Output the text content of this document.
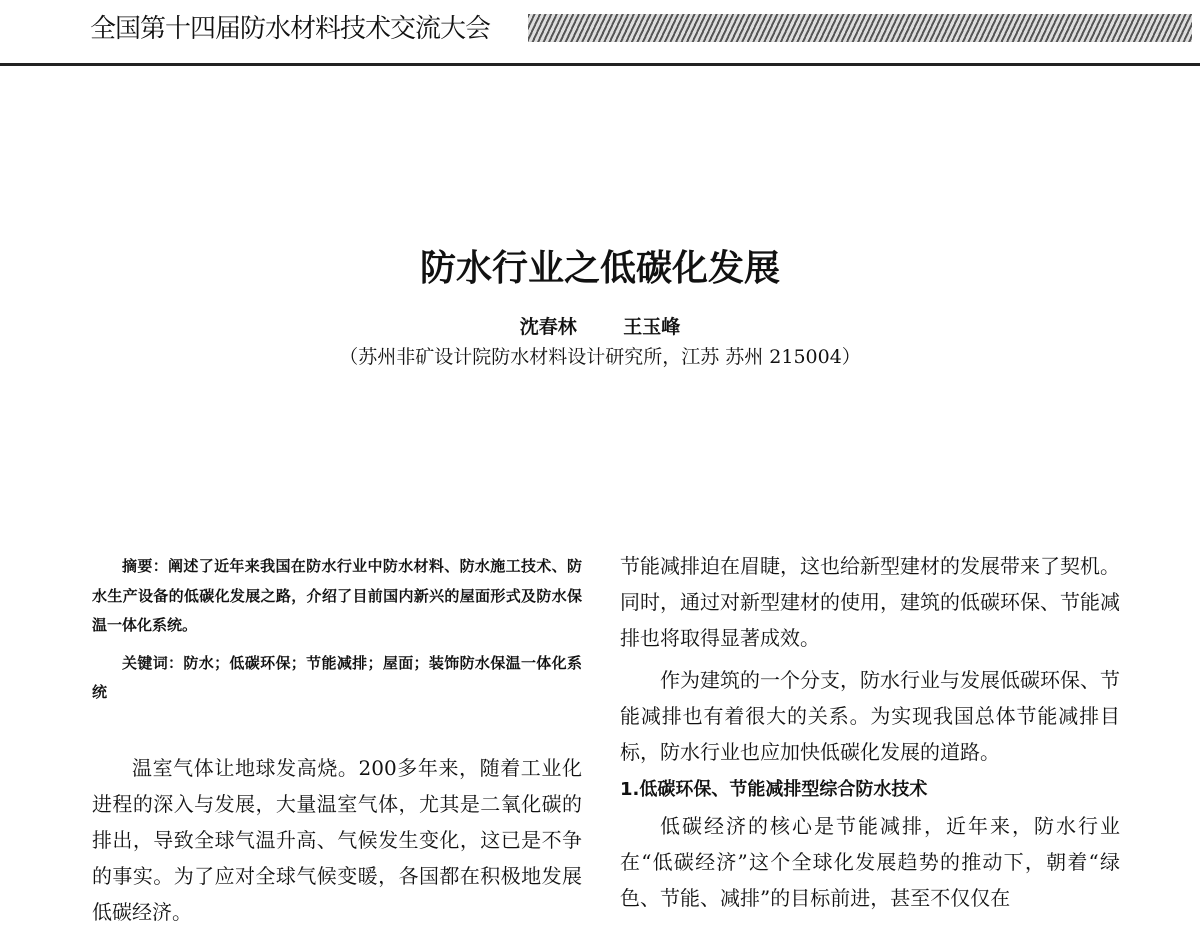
全国第十四届防水材料技术交流大会
防水行业之低碳化发展
沈春林 王玉峰
（苏州非矿设计院防水材料设计研究所，江苏 苏州 215004）

摘要：阐述了近年来我国在防水行业中防水材料、防水施工技术、防水生产设备的低碳化发展之路，介绍了目前国内新兴的屋面形式及防水保温一体化系统。

关键词：防水；低碳环保；节能减排；屋面；装饰防水保温一体化系统

温室气体让地球发高烧。200多年来，随着工业化进程的深入与发展，大量温室气体，尤其是二氧化碳的排出，导致全球气温升高、气候发生变化，这已是不争的事实。为了应对全球气候变暖，各国都在积极地发展低碳经济。

节能减排迫在眉睫，这也给新型建材的发展带来了契机。同时，通过对新型建材的使用，建筑的低碳环保、节能减排也将取得显著成效。

作为建筑的一个分支，防水行业与发展低碳环保、节能减排也有着很大的关系。为实现我国总体节能减排目标，防水行业也应加快低碳化发展的道路。

1.低碳环保、节能减排型综合防水技术

低碳经济的核心是节能减排，近年来，防水行业在“低碳经济”这个全球化发展趋势的推动下，朝着“绿色、节能、减排”的目标前进，甚至不仅仅在
